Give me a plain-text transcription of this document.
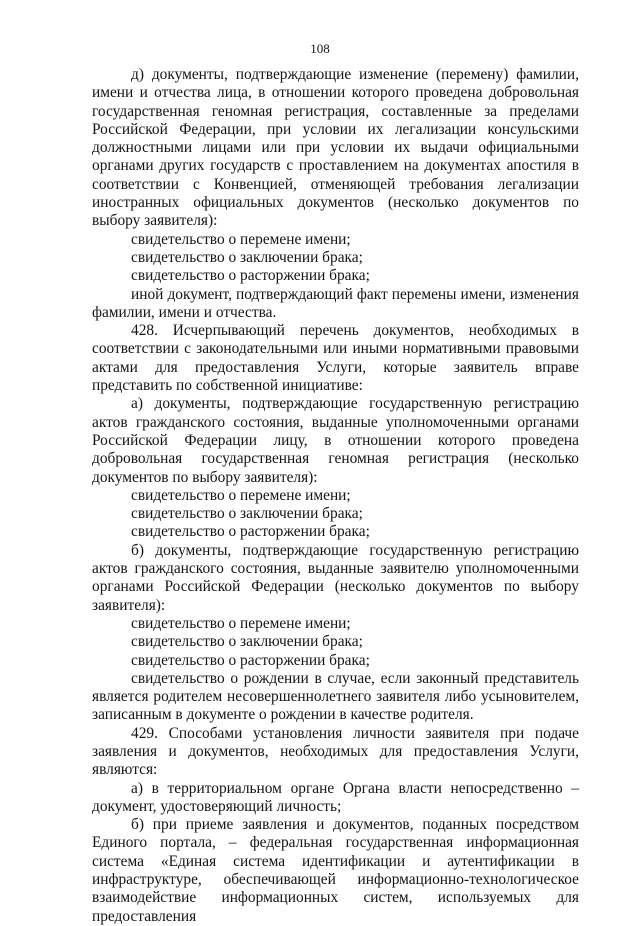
108

д) документы, подтверждающие изменение (перемену) фамилии, имени и отчества лица, в отношении которого проведена добровольная государственная геномная регистрация, составленные за пределами Российской Федерации, при условии их легализации консульскими должностными лицами или при условии их выдачи официальными органами других государств с проставлением на документах апостиля в соответствии с Конвенцией, отменяющей требования легализации иностранных официальных документов (несколько документов по выбору заявителя):

свидетельство о перемене имени;

свидетельство о заключении брака;

свидетельство о расторжении брака;

иной документ, подтверждающий факт перемены имени, изменения фамилии, имени и отчества.

428. Исчерпывающий перечень документов, необходимых в соответствии с законодательными или иными нормативными правовыми актами для предоставления Услуги, которые заявитель вправе представить по собственной инициативе:

а) документы, подтверждающие государственную регистрацию актов гражданского состояния, выданные уполномоченными органами Российской Федерации лицу, в отношении которого проведена добровольная государственная геномная регистрация (несколько документов по выбору заявителя):

свидетельство о перемене имени;

свидетельство о заключении брака;

свидетельство о расторжении брака;

б) документы, подтверждающие государственную регистрацию актов гражданского состояния, выданные заявителю уполномоченными органами Российской Федерации (несколько документов по выбору заявителя):

свидетельство о перемене имени;

свидетельство о заключении брака;

свидетельство о расторжении брака;

свидетельство о рождении в случае, если законный представитель является родителем несовершеннолетнего заявителя либо усыновителем, записанным в документе о рождении в качестве родителя.

429. Способами установления личности заявителя при подаче заявления и документов, необходимых для предоставления Услуги, являются:

а) в территориальном органе Органа власти непосредственно – документ, удостоверяющий личность;

б) при приеме заявления и документов, поданных посредством Единого портала, – федеральная государственная информационная система «Единая система идентификации и аутентификации в инфраструктуре, обеспечивающей информационно-технологическое взаимодействие информационных систем, используемых для предоставления
